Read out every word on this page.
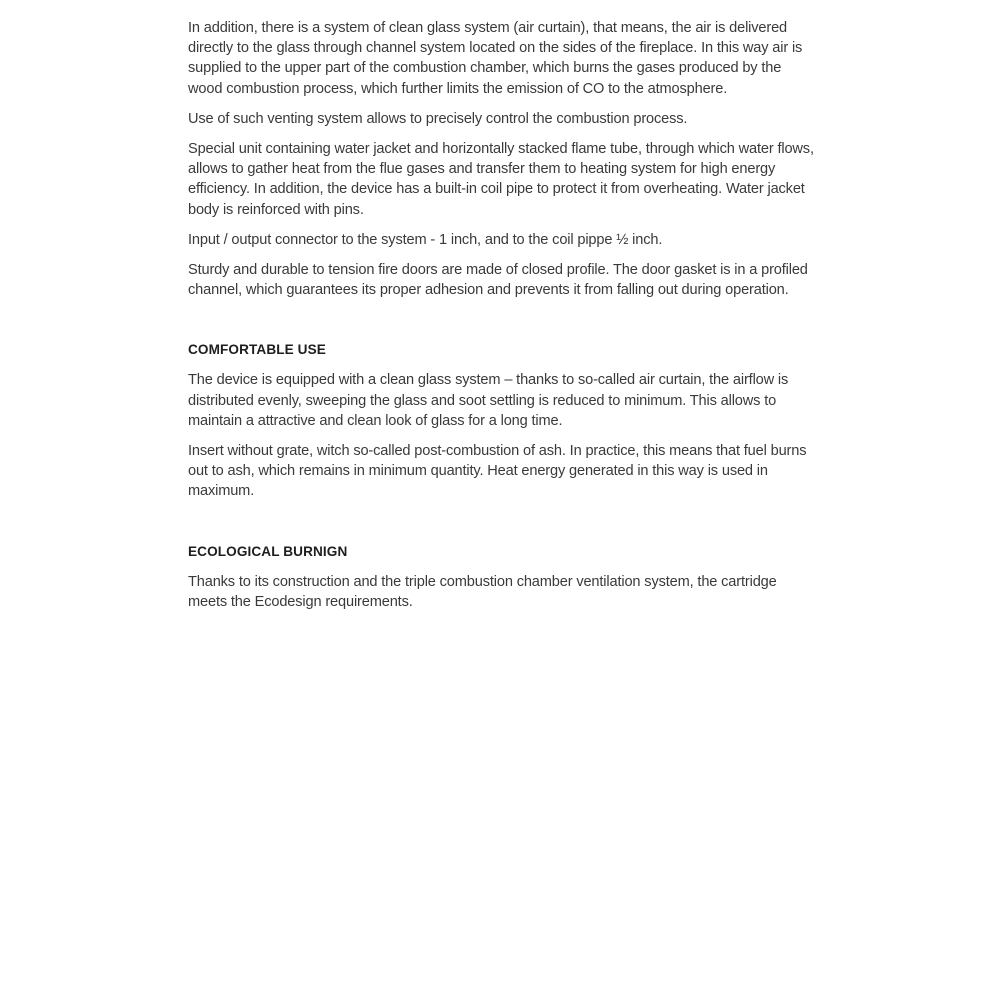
In addition, there is a system of clean glass system (air curtain), that means, the air is delivered directly to the glass through channel system located on the sides of the fireplace. In this way air is supplied to the upper part of the combustion chamber, which burns the gases produced by the wood combustion process, which further limits the emission of CO to the atmosphere.

Use of such venting system allows to precisely control the combustion process.

Special unit containing water jacket and horizontally stacked flame tube, through which water flows, allows to gather heat from the flue gases and transfer them to heating system for high energy efficiency. In addition, the device has a built-in coil pipe to protect it from overheating. Water jacket body is reinforced with pins.

Input / output connector to the system - 1 inch, and to the coil pippe ½ inch.

Sturdy and durable to tension fire doors are made of closed profile. The door gasket is in a profiled channel, which guarantees its proper adhesion and prevents it from falling out during operation.

COMFORTABLE USE

The device is equipped with a clean glass system – thanks to so-called air curtain, the airflow is distributed evenly, sweeping the glass and soot settling is reduced to minimum. This allows to maintain a attractive and clean look of glass for a long time.

Insert without grate, witch so-called post-combustion of ash. In practice, this means that fuel burns out to ash, which remains in minimum quantity. Heat energy generated in this way is used in maximum.

ECOLOGICAL BURNIGN

Thanks to its construction and the triple combustion chamber ventilation system, the cartridge meets the Ecodesign requirements.
